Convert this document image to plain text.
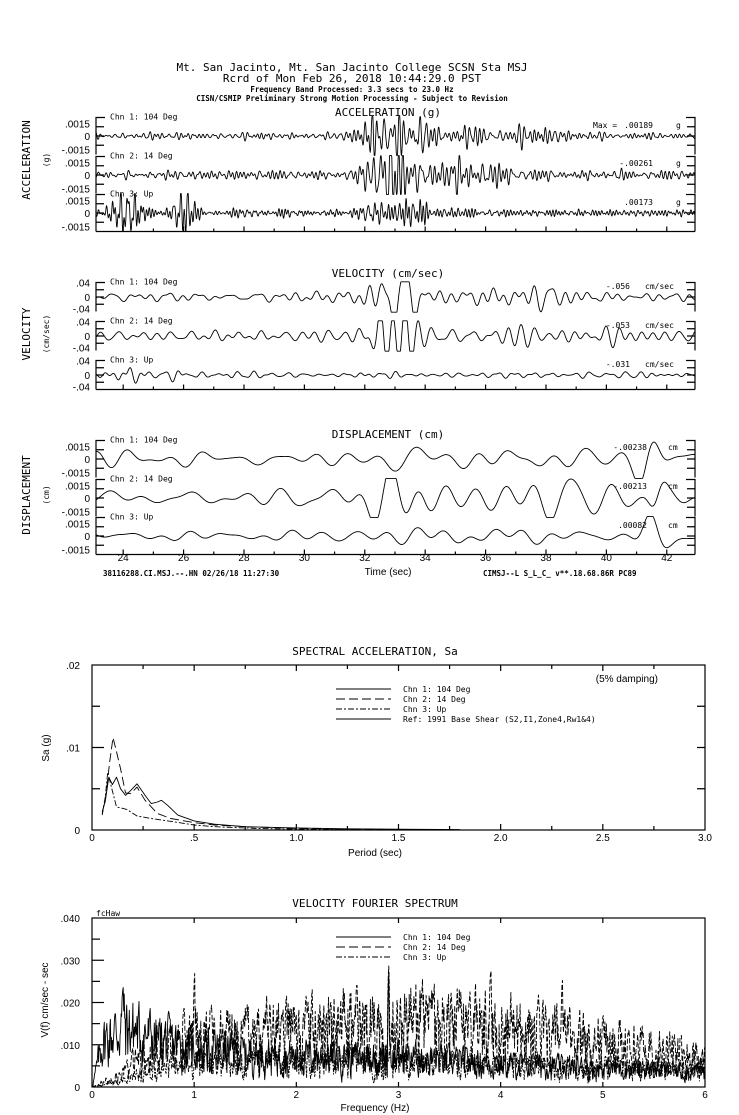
Mt. San Jacinto, Mt. San Jacinto College SCSN Sta MSJ
Rcrd of Mon Feb 26, 2018 10:44:29.0 PST
Frequency Band Processed: 3.3 secs to 23.0 Hz
CISN/CSMIP Preliminary Strong Motion Processing - Subject to Revision
ACCELERATION (g)
ACCELERATION (g)
.0015
0
-.0015
Chn 1: 104 Deg
Max = .00189	g
.0015
0
-.0015
Chn 2: 14 Deg
-.00261	g
.0015
0
-.0015
Chn 3: Up
.00173	g
VELOCITY (cm/sec)
VELOCITY (cm/sec)
.04
0
-.04
Chn 1: 104 Deg	-.056 cm/sec
.04
0
-.04
Chn 2: 14 Deg	-.053 cm/sec
.04
0
-.04
Chn 3: Up	-.031 cm/sec
DISPLACEMENT (cm)
DISPLACEMENT (cm)
.0015
0
-.0015
Chn 1: 104 Deg
-.00238	cm
.0015
0
-.0015
Chn 2: 14 Deg
-.00213	cm
.0015
0
-.0015
Chn 3: Up
.00082	cm
24	26	28	30	32	34	36	38	40	42
Time (sec)
38116288.CI.MSJ.--.HN 02/26/18 11:27:30	CIMSJ--L S_L_C_ v**.18.68.86R PC89
SPECTRAL ACCELERATION, Sa
0	.5	1.0	1.5	2.0	2.5	3.0
.02
.01
0
Period (sec)
Sa (g)
(5% damping)
Chn 1: 104 Deg
Chn 2: 14 Deg
Chn 3: Up
Ref: 1991 Base Shear (S2,I1,Zone4,Rw1&4)
VELOCITY FOURIER SPECTRUM
0	1	2	3	4	5	6
.040
.030
.020
.010
0
fcHaw
Frequency (Hz)
V(f) cm/sec - sec
Chn 1: 104 Deg
Chn 2: 14 Deg
Chn 3: Up
